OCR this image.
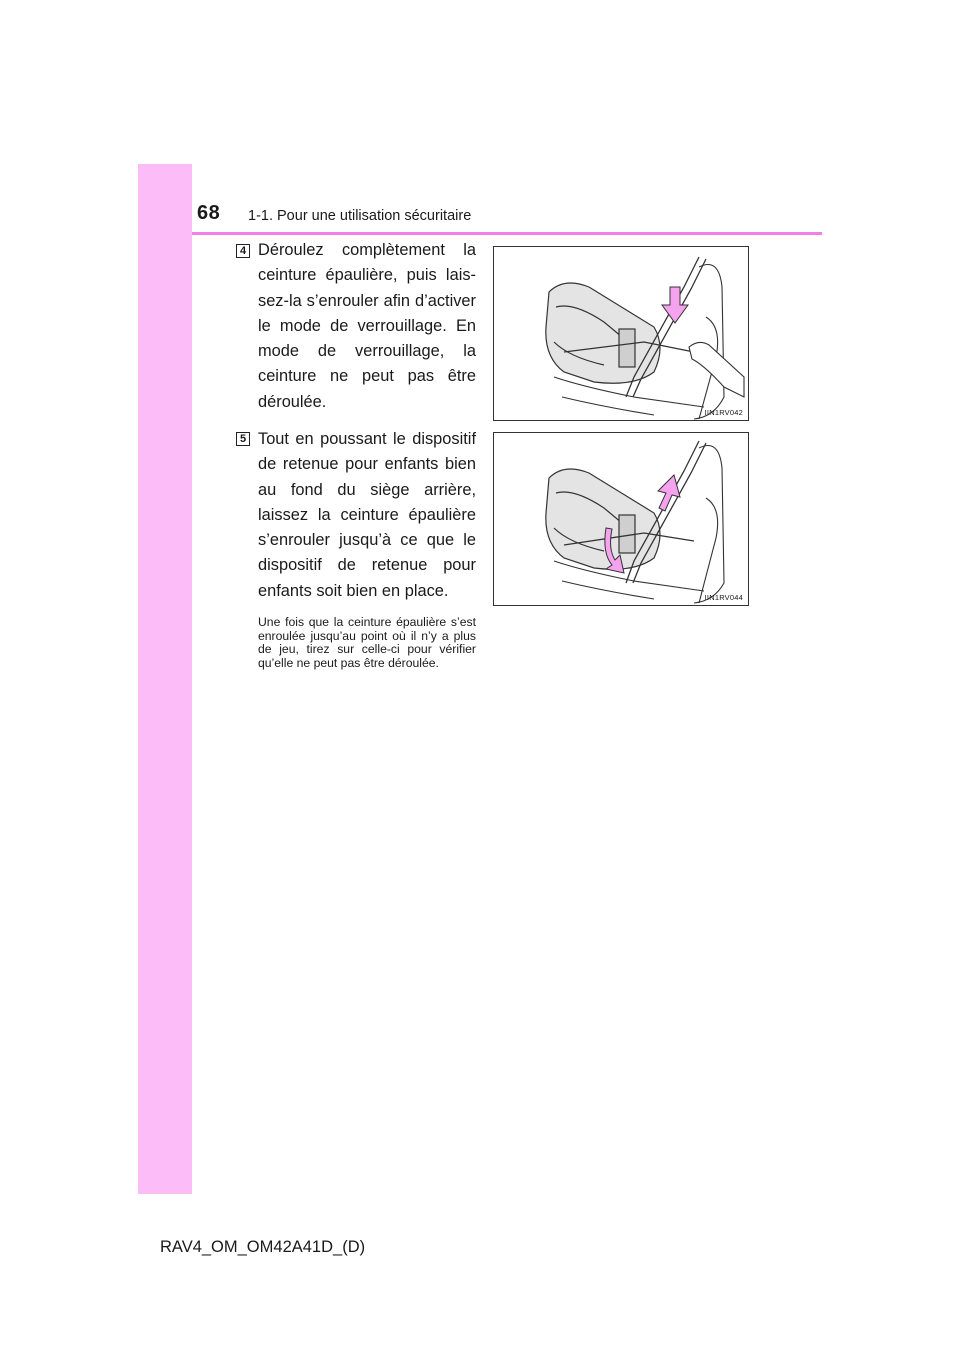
68 1-1. Pour une utilisation sécuritaire
4 Déroulez complètement la ceinture épaulière, puis laissez-la s’enrouler afin d’activer le mode de verrouillage. En mode de verrouillage, la ceinture ne peut pas être déroulée.
IIN1RV042
5 Tout en poussant le dispositif de retenue pour enfants bien au fond du siège arrière, laissez la ceinture épaulière s’enrouler jusqu’à ce que le dispositif de retenue pour enfants soit bien en place.
Une fois que la ceinture épaulière s’est enroulée jusqu’au point où il n’y a plus de jeu, tirez sur celle-ci pour vérifier qu’elle ne peut pas être déroulée.
IIN1RV044
RAV4_OM_OM42A41D_(D)
